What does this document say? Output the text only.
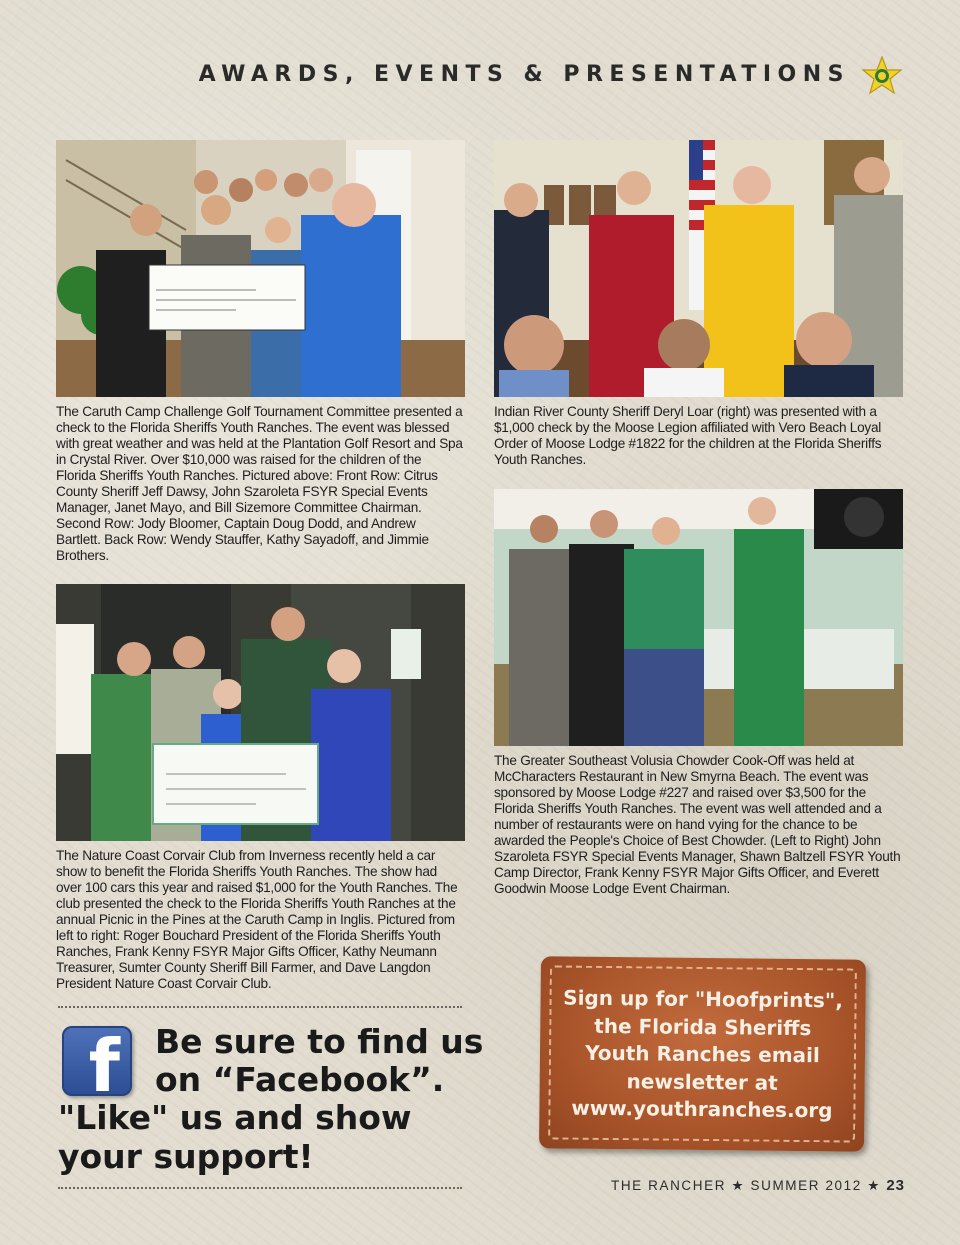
AWARDS, EVENTS & PRESENTATIONS
The Caruth Camp Challenge Golf Tournament Committee presented a check to the Florida Sheriffs Youth Ranches. The event was blessed with great weather and was held at the Plantation Golf Resort and Spa in Crystal River. Over $10,000 was raised for the children of the Florida Sheriffs Youth Ranches. Pictured above: Front Row: Citrus County Sheriff Jeff Dawsy, John Szaroleta FSYR Special Events Manager, Janet Mayo, and Bill Sizemore Committee Chairman. Second Row: Jody Bloomer, Captain Doug Dodd, and Andrew Bartlett. Back Row: Wendy Stauffer, Kathy Sayadoff, and Jimmie Brothers.
Indian River County Sheriff Deryl Loar (right) was presented with a $1,000 check by the Moose Legion affiliated with Vero Beach Loyal Order of Moose Lodge #1822 for the children at the Florida Sheriffs Youth Ranches.
The Greater Southeast Volusia Chowder Cook-Off was held at McCharacters Restaurant in New Smyrna Beach. The event was sponsored by Moose Lodge #227 and raised over $3,500 for the Florida Sheriffs Youth Ranches. The event was well attended and a number of restaurants were on hand vying for the chance to be awarded the People's Choice of Best Chowder. (Left to Right) John Szaroleta FSYR Special Events Manager, Shawn Baltzell FSYR Youth Camp Director, Frank Kenny FSYR Major Gifts Officer, and Everett Goodwin Moose Lodge Event Chairman.
The Nature Coast Corvair Club from Inverness recently held a car show to benefit the Florida Sheriffs Youth Ranches. The show had over 100 cars this year and raised $1,000 for the Youth Ranches. The club presented the check to the Florida Sheriffs Youth Ranches at the annual Picnic in the Pines at the Caruth Camp in Inglis. Pictured from left to right: Roger Bouchard President of the Florida Sheriffs Youth Ranches, Frank Kenny FSYR Major Gifts Officer, Kathy Neumann Treasurer, Sumter County Sheriff Bill Farmer, and Dave Langdon President Nature Coast Corvair Club.
f Be sure to find us
on “Facebook”.
"Like" us and show
your support!
Sign up for "Hoofprints",
the Florida Sheriffs
Youth Ranches email
newsletter at
www.youthranches.org
THE RANCHER ★ SUMMER 2012 ★ 23
